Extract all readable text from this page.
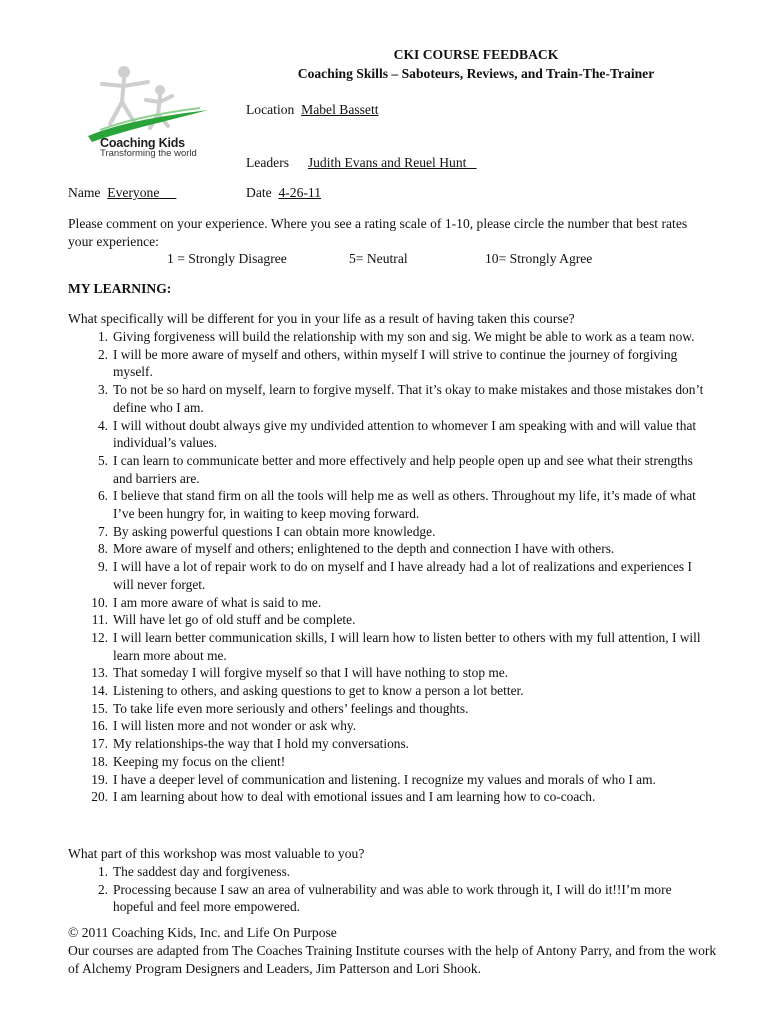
Coaching Kids
Transforming the world
CKI COURSE FEEDBACK
Coaching Skills – Saboteurs, Reviews, and Train-The-Trainer
Location Mabel Bassett
Leaders Judith Evans and Reuel Hunt
Name Everyone	Date 4-26-11
Please comment on your experience. Where you see a rating scale of 1-10, please circle the number that best rates your experience:
1 = Strongly Disagree	5= Neutral	10= Strongly Agree
MY LEARNING:
What specifically will be different for you in your life as a result of having taken this course?
1. Giving forgiveness will build the relationship with my son and sig. We might be able to work as a team now.
2. I will be more aware of myself and others, within myself I will strive to continue the journey of forgiving myself.
3. To not be so hard on myself, learn to forgive myself. That it’s okay to make mistakes and those mistakes don’t define who I am.
4. I will without doubt always give my undivided attention to whomever I am speaking with and will value that individual’s values.
5. I can learn to communicate better and more effectively and help people open up and see what their strengths and barriers are.
6. I believe that stand firm on all the tools will help me as well as others. Throughout my life, it’s made of what I’ve been hungry for, in waiting to keep moving forward.
7. By asking powerful questions I can obtain more knowledge.
8. More aware of myself and others; enlightened to the depth and connection I have with others.
9. I will have a lot of repair work to do on myself and I have already had a lot of realizations and experiences I will never forget.
10. I am more aware of what is said to me.
11. Will have let go of old stuff and be complete.
12. I will learn better communication skills, I will learn how to listen better to others with my full attention, I will learn more about me.
13. That someday I will forgive myself so that I will have nothing to stop me.
14. Listening to others, and asking questions to get to know a person a lot better.
15. To take life even more seriously and others’ feelings and thoughts.
16. I will listen more and not wonder or ask why.
17. My relationships-the way that I hold my conversations.
18. Keeping my focus on the client!
19. I have a deeper level of communication and listening. I recognize my values and morals of who I am.
20. I am learning about how to deal with emotional issues and I am learning how to co-coach.
What part of this workshop was most valuable to you?
1. The saddest day and forgiveness.
2. Processing because I saw an area of vulnerability and was able to work through it, I will do it!!I’m more hopeful and feel more empowered.
© 2011 Coaching Kids, Inc. and Life On Purpose
Our courses are adapted from The Coaches Training Institute courses with the help of Antony Parry, and from the work of Alchemy Program Designers and Leaders, Jim Patterson and Lori Shook.
